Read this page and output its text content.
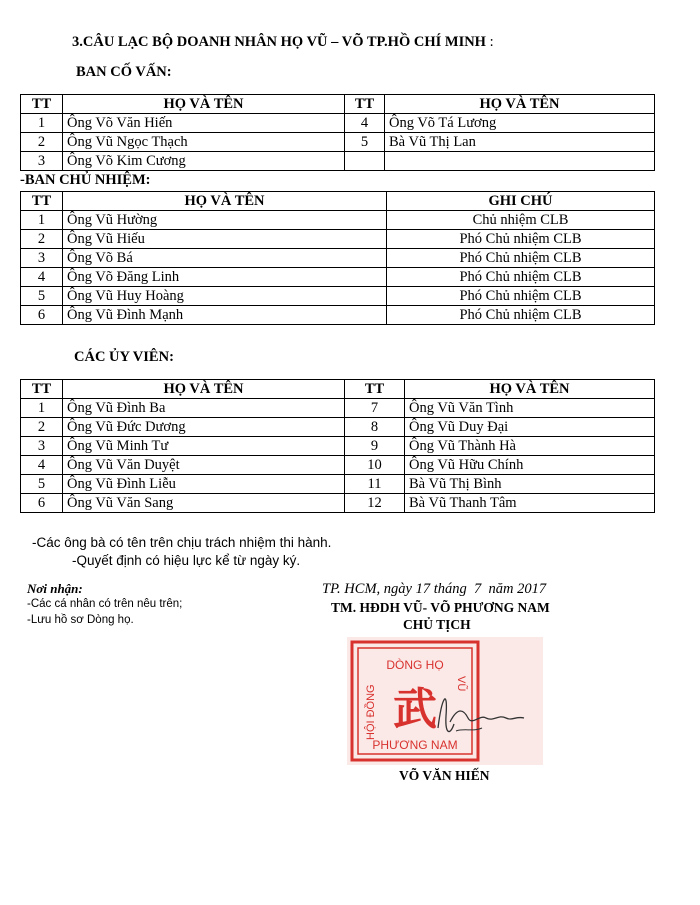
3.CÂU LẠC BỘ DOANH NHÂN HỌ VŨ – VÕ TP.HỒ CHÍ MINH :
BAN CỐ VẤN:
TT	HỌ VÀ TÊN	TT	HỌ VÀ TÊN
1	Ông Võ Văn Hiến	4	Ông Võ Tá Lương
2	Ông Vũ Ngọc Thạch	5	Bà Vũ Thị Lan
3	Ông Võ Kim Cương		
-BAN CHỦ NHIỆM:
TT	HỌ VÀ TÊN	GHI CHÚ
1	Ông Vũ Hường	Chủ nhiệm CLB
2	Ông Vũ Hiếu	Phó Chủ nhiệm CLB
3	Ông Võ Bá	Phó Chủ nhiệm CLB
4	Ông Võ Đăng Linh	Phó Chủ nhiệm CLB
5	Ông Vũ Huy Hoàng	Phó Chủ nhiệm CLB
6	Ông Vũ Đình Mạnh	Phó Chủ nhiệm CLB
CÁC ỦY VIÊN:
TT	HỌ VÀ TÊN	TT	HỌ VÀ TÊN
1	Ông Vũ Đình Ba	7	Ông Vũ Văn Tình
2	Ông Vũ Đức Dương	8	Ông Vũ Duy Đại
3	Ông Vũ Minh Tư	9	Ông Vũ Thành Hà
4	Ông Vũ Văn Duyệt	10	Ông Vũ Hữu Chính
5	Ông Vũ Đình Liễu	11	Bà Vũ Thị Bình
6	Ông Vũ Văn Sang	12	Bà Vũ Thanh Tâm
-Các ông bà có tên trên chịu trách nhiệm thi hành.
-Quyết định có hiệu lực kể từ ngày ký.
Nơi nhận:
-Các cá nhân có trên nêu trên;
-Lưu hồ sơ Dòng họ.
TP. HCM, ngày 17 tháng  7  năm 2017
TM. HĐDH VŨ- VÕ PHƯƠNG NAM
CHỦ TỊCH
DÒNG HỌ
PHƯƠNG NAM
HỘI ĐỒNG
VŨ
武
VÕ VĂN HIẾN
